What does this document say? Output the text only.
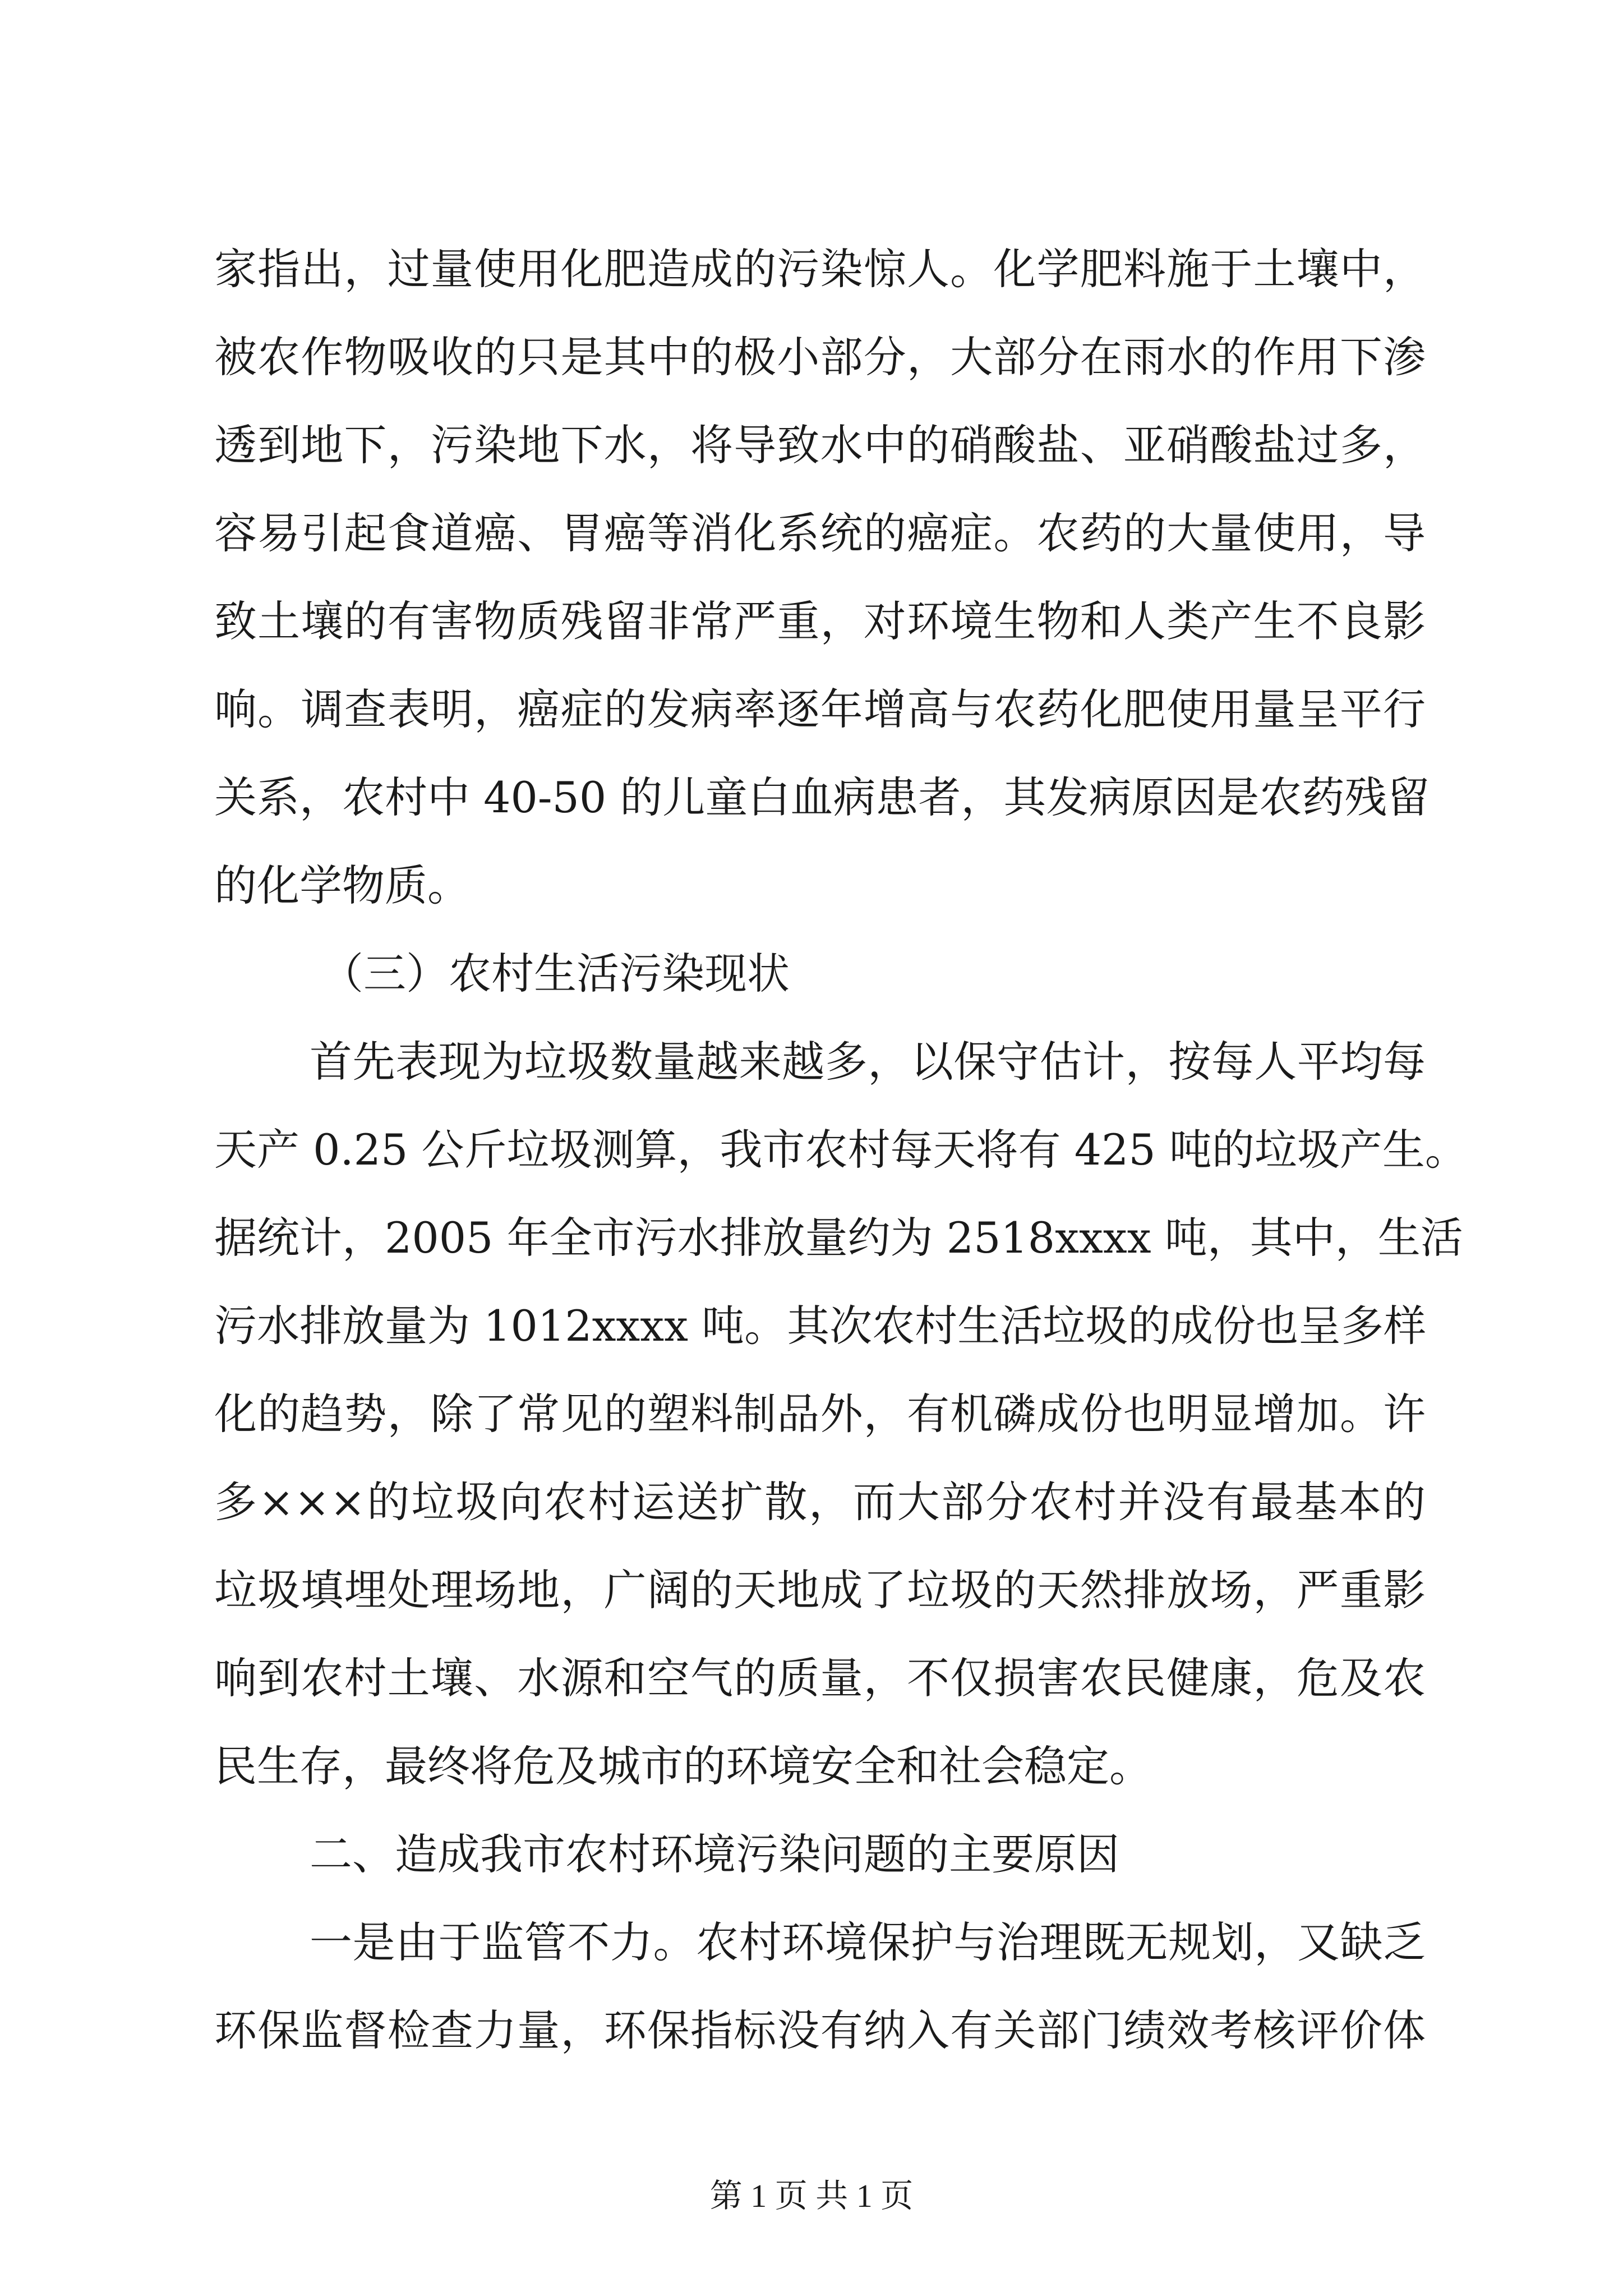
家指出，过量使用化肥造成的污染惊人。化学肥料施于土壤中，
被农作物吸收的只是其中的极小部分，大部分在雨水的作用下渗
透到地下，污染地下水，将导致水中的硝酸盐、亚硝酸盐过多，
容易引起食道癌、胃癌等消化系统的癌症。农药的大量使用，导
致土壤的有害物质残留非常严重，对环境生物和人类产生不良影
响。调查表明，癌症的发病率逐年增高与农药化肥使用量呈平行
关系，农村中 40-50 的儿童白血病患者，其发病原因是农药残留
的化学物质。
（三）农村生活污染现状
首先表现为垃圾数量越来越多，以保守估计，按每人平均每
天产 0.25 公斤垃圾测算，我市农村每天将有 425 吨的垃圾产生。
据统计，2005 年全市污水排放量约为 2518xxxx 吨，其中，生活
污水排放量为 1012xxxx 吨。其次农村生活垃圾的成份也呈多样
化的趋势，除了常见的塑料制品外，有机磷成份也明显增加。许
多×××的垃圾向农村运送扩散，而大部分农村并没有最基本的
垃圾填埋处理场地，广阔的天地成了垃圾的天然排放场，严重影
响到农村土壤、水源和空气的质量，不仅损害农民健康，危及农
民生存，最终将危及城市的环境安全和社会稳定。
二、造成我市农村环境污染问题的主要原因
一是由于监管不力。农村环境保护与治理既无规划，又缺乏
环保监督检查力量，环保指标没有纳入有关部门绩效考核评价体
第 1 页 共 1 页
